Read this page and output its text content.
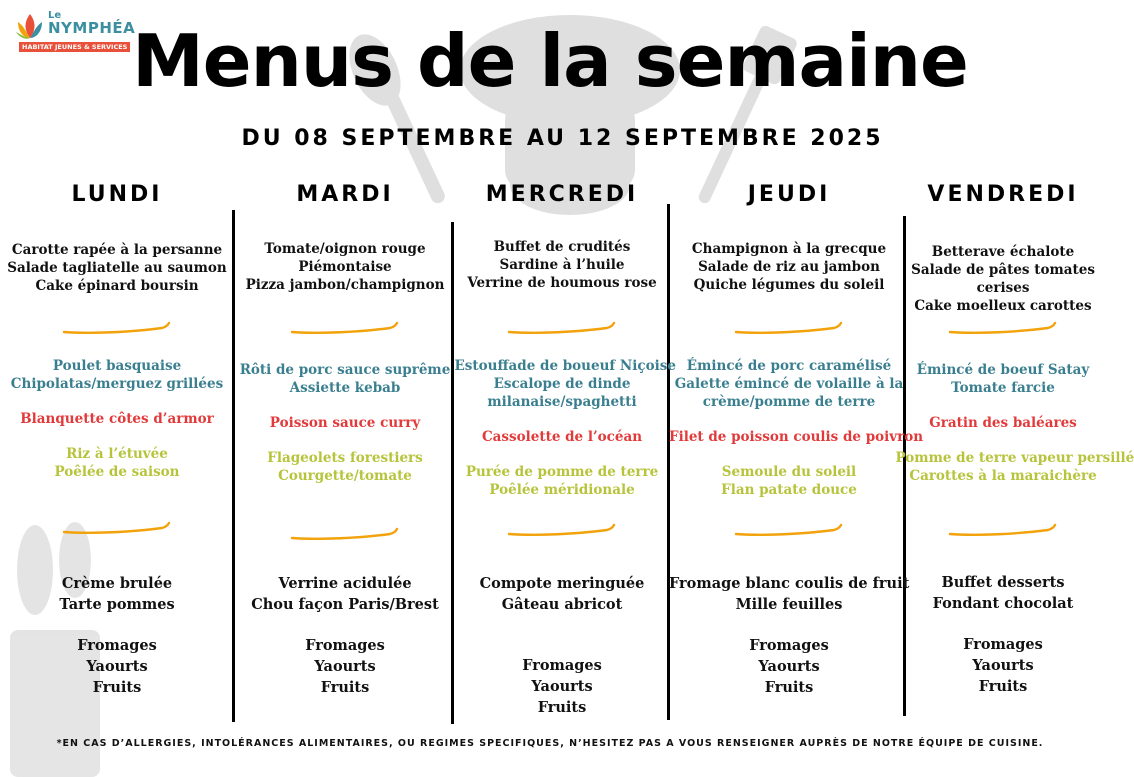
Le
NYMPHÉA
HABITAT JEUNES & SERVICES Menus de la semaine
DU 08 SEPTEMBRE AU 12 SEPTEMBRE 2025
LUNDI
Carotte rapée à la persanne
Salade tagliatelle au saumon
Cake épinard boursin
Poulet basquaise
Chipolatas/merguez grillées
Blanquette côtes d’armor
Riz à l’étuvée
Poêlée de saison
Crème brulée
Tarte pommes
Fromages
Yaourts
Fruits
MARDI
Tomate/oignon rouge
Piémontaise
Pizza jambon/champignon
Rôti de porc sauce suprême
Assiette kebab
Poisson sauce curry
Flageolets forestiers
Courgette/tomate
Verrine acidulée
Chou façon Paris/Brest
Fromages
Yaourts
Fruits
MERCREDI
Buffet de crudités
Sardine à l’huile
Verrine de houmous rose
Estouffade de boueuf Niçoise
Escalope de dinde
milanaise/spaghetti
Cassolette de l’océan
Purée de pomme de terre
Poêlée méridionale
Compote meringuée
Gâteau abricot
Fromages
Yaourts
Fruits
JEUDI
Champignon à la grecque
Salade de riz au jambon
Quiche légumes du soleil
Émincé de porc caramélisé
Galette émincé de volaille à la
crème/pomme de terre
Filet de poisson coulis de poivron
Semoule du soleil
Flan patate douce
Fromage blanc coulis de fruit
Mille feuilles
Fromages
Yaourts
Fruits
VENDREDI
Betterave échalote
Salade de pâtes tomates
cerises
Cake moelleux carottes
Émincé de boeuf Satay
Tomate farcie
Gratin des baléares
Pomme de terre vapeur persillé
Carottes à la maraichère
Buffet desserts
Fondant chocolat
Fromages
Yaourts
Fruits
*EN CAS D’ALLERGIES, INTOLÉRANCES ALIMENTAIRES, OU REGIMES SPECIFIQUES, N’HESITEZ PAS A VOUS RENSEIGNER AUPRÈS DE NOTRE ÉQUIPE DE CUISINE.
